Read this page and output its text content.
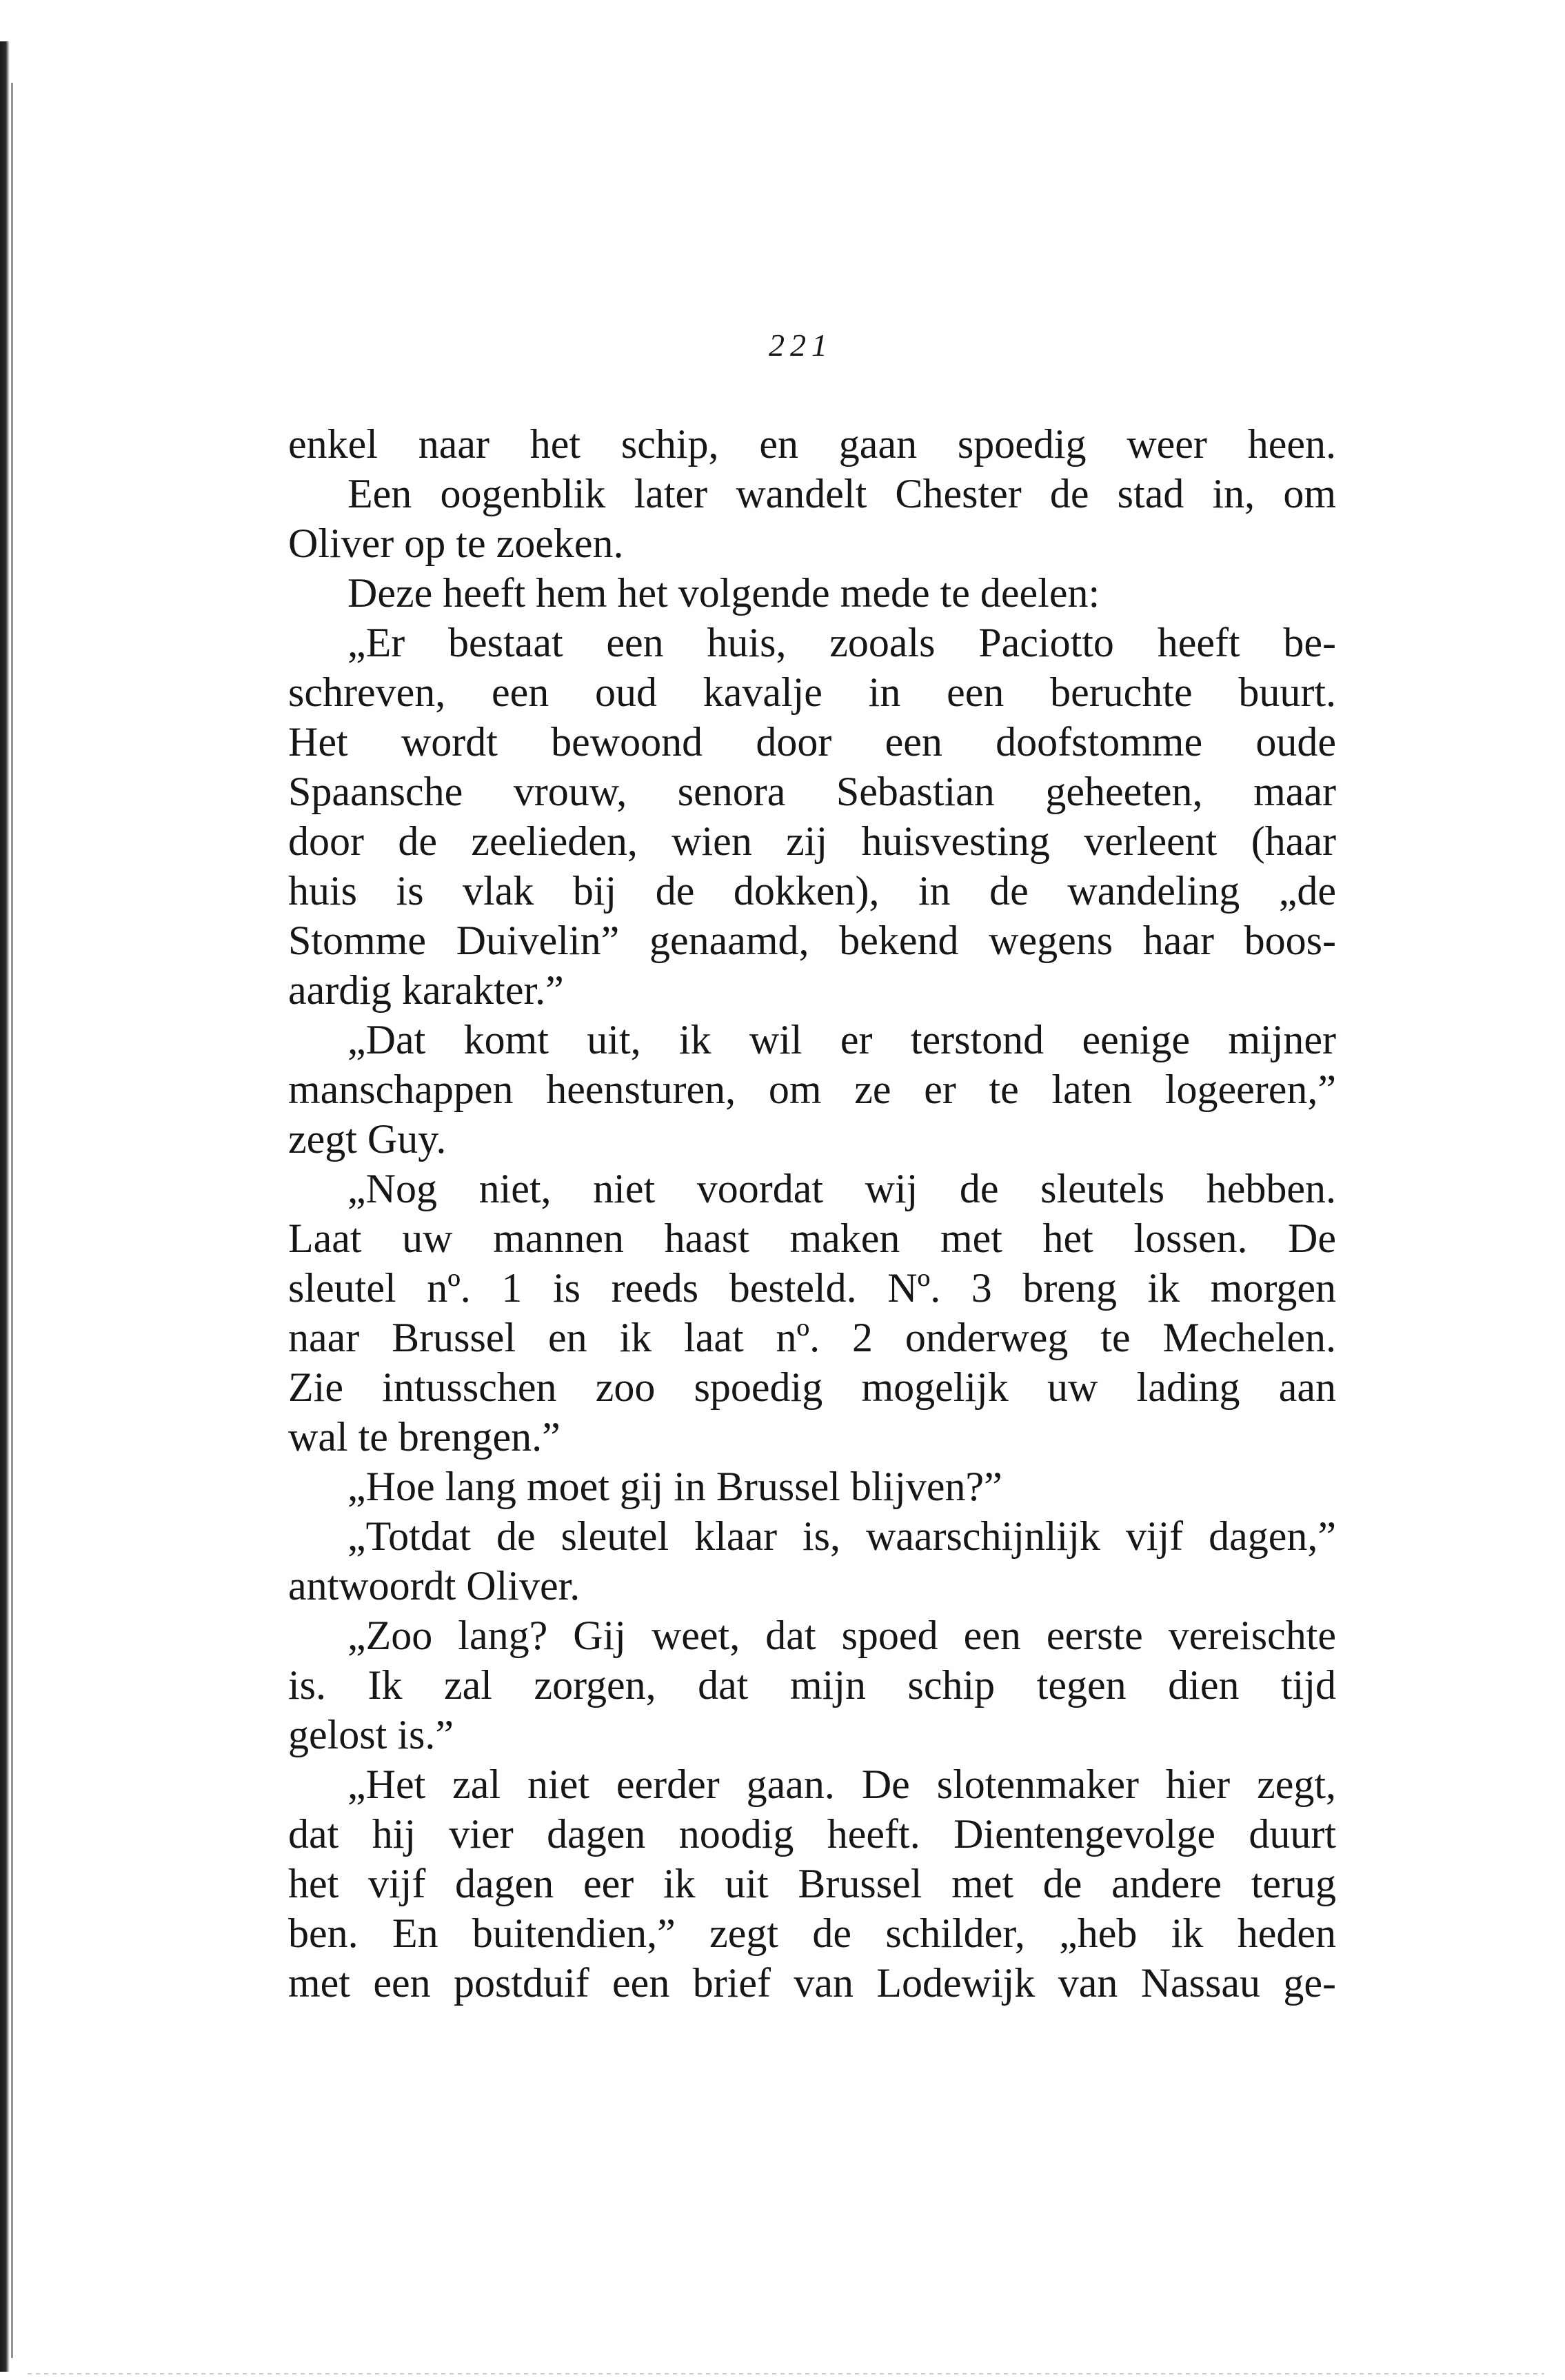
221
enkel naar het schip, en gaan spoedig weer heen.
Een oogenblik later wandelt Chester de stad in, om
Oliver op te zoeken.
Deze heeft hem het volgende mede te deelen:
„Er bestaat een huis, zooals Paciotto heeft be-
schreven, een oud kavalje in een beruchte buurt.
Het wordt bewoond door een doofstomme oude
Spaansche vrouw, senora Sebastian geheeten, maar
door de zeelieden, wien zij huisvesting verleent (haar
huis is vlak bij de dokken), in de wandeling „de
Stomme Duivelin” genaamd, bekend wegens haar boos-
aardig karakter.”
„Dat komt uit, ik wil er terstond eenige mijner
manschappen heensturen, om ze er te laten logeeren,”
zegt Guy.
„Nog niet, niet voordat wij de sleutels hebben.
Laat uw mannen haast maken met het lossen. De
sleutel nº. 1 is reeds besteld. Nº. 3 breng ik morgen
naar Brussel en ik laat nº. 2 onderweg te Mechelen.
Zie intusschen zoo spoedig mogelijk uw lading aan
wal te brengen.”
„Hoe lang moet gij in Brussel blijven?”
„Totdat de sleutel klaar is, waarschijnlijk vijf dagen,”
antwoordt Oliver.
„Zoo lang? Gij weet, dat spoed een eerste vereischte
is. Ik zal zorgen, dat mijn schip tegen dien tijd
gelost is.”
„Het zal niet eerder gaan. De slotenmaker hier zegt,
dat hij vier dagen noodig heeft. Dientengevolge duurt
het vijf dagen eer ik uit Brussel met de andere terug
ben. En buitendien,” zegt de schilder, „heb ik heden
met een postduif een brief van Lodewijk van Nassau ge-
